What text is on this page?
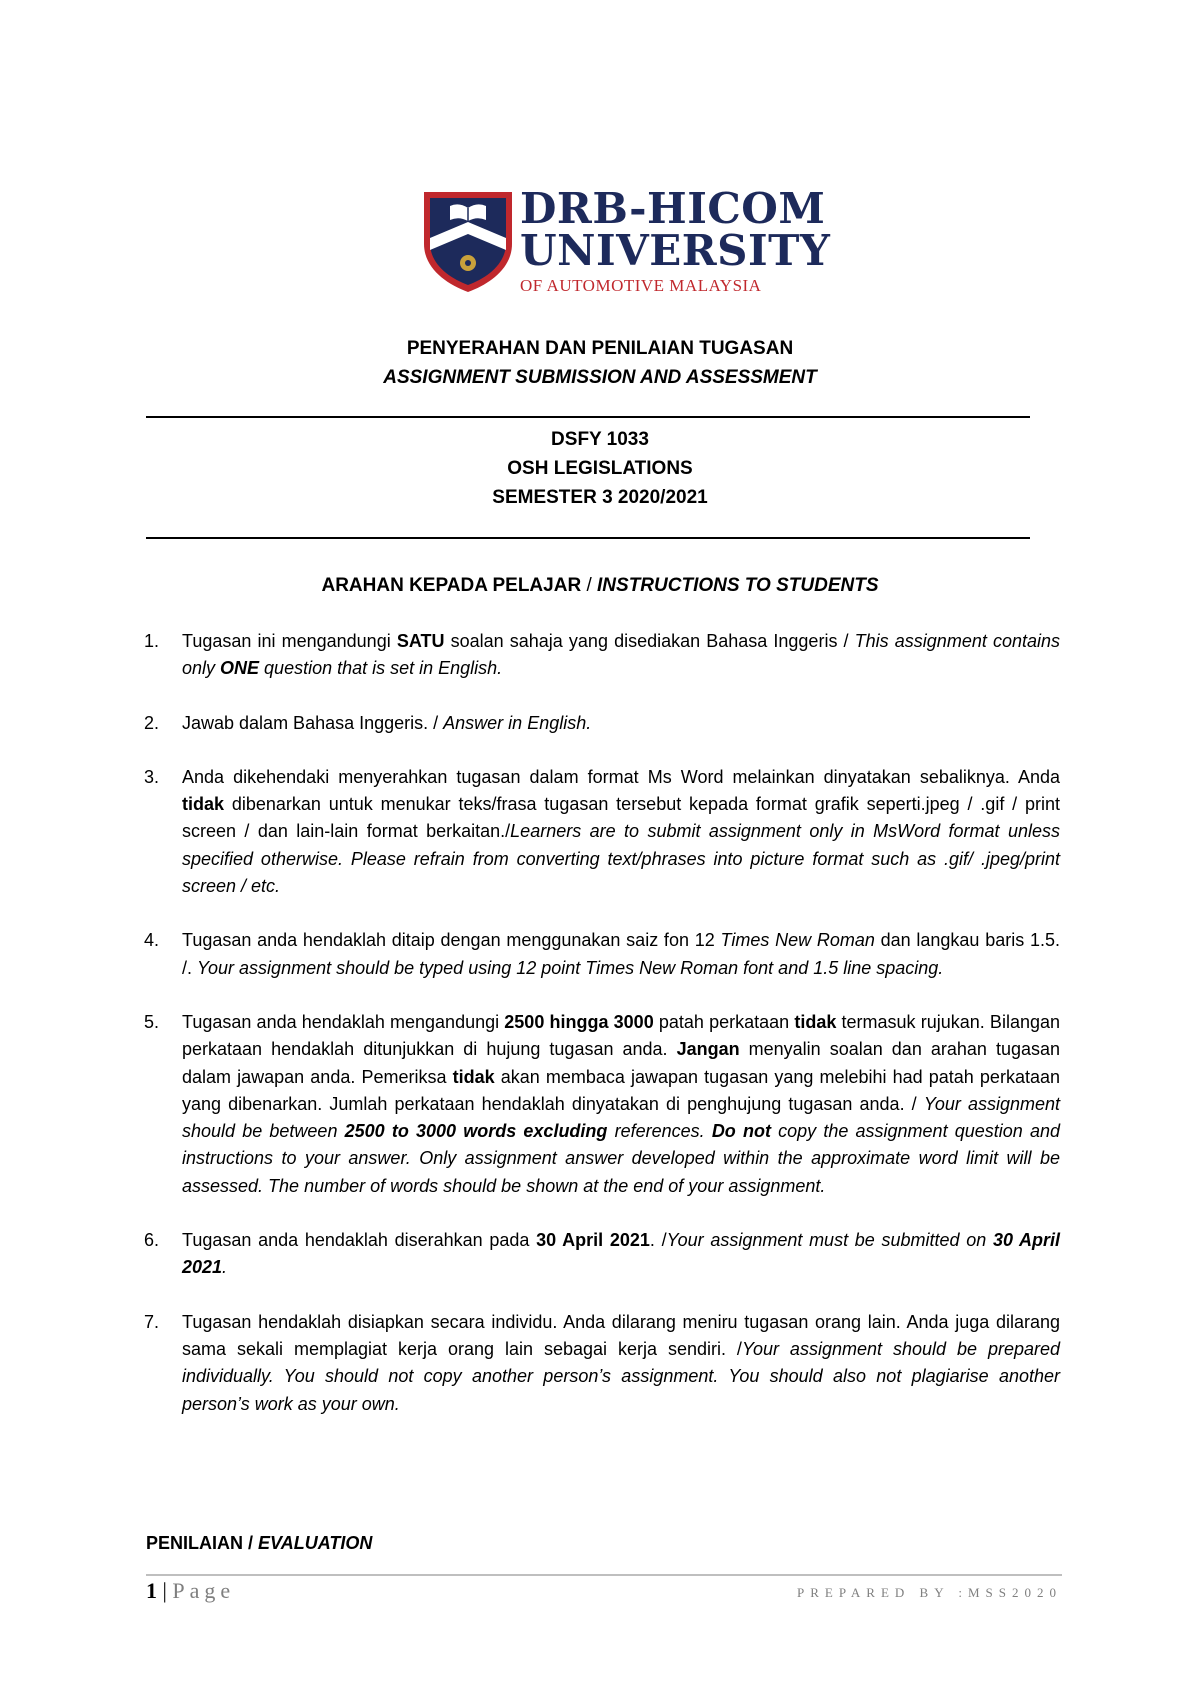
DRB-HICOM
UNIVERSITY
OF AUTOMOTIVE MALAYSIA
PENYERAHAN DAN PENILAIAN TUGASAN
ASSIGNMENT SUBMISSION AND ASSESSMENT
DSFY 1033
OSH LEGISLATIONS
SEMESTER 3 2020/2021
ARAHAN KEPADA PELAJAR / INSTRUCTIONS TO STUDENTS
1. Tugasan ini mengandungi SATU soalan sahaja yang disediakan Bahasa Inggeris / This assignment contains only ONE question that is set in English.
2. Jawab dalam Bahasa Inggeris. / Answer in English.
3. Anda dikehendaki menyerahkan tugasan dalam format Ms Word melainkan dinyatakan sebaliknya. Anda tidak dibenarkan untuk menukar teks/frasa tugasan tersebut kepada format grafik seperti.jpeg / .gif / print screen / dan lain-lain format berkaitan./Learners are to submit assignment only in MsWord format unless specified otherwise. Please refrain from converting text/phrases into picture format such as .gif/ .jpeg/print screen / etc.
4. Tugasan anda hendaklah ditaip dengan menggunakan saiz fon 12 Times New Roman dan langkau baris 1.5. /. Your assignment should be typed using 12 point Times New Roman font and 1.5 line spacing.
5. Tugasan anda hendaklah mengandungi 2500 hingga 3000 patah perkataan tidak termasuk rujukan. Bilangan perkataan hendaklah ditunjukkan di hujung tugasan anda. Jangan menyalin soalan dan arahan tugasan dalam jawapan anda. Pemeriksa tidak akan membaca jawapan tugasan yang melebihi had patah perkataan yang dibenarkan. Jumlah perkataan hendaklah dinyatakan di penghujung tugasan anda. / Your assignment should be between 2500 to 3000 words excluding references. Do not copy the assignment question and instructions to your answer. Only assignment answer developed within the approximate word limit will be assessed. The number of words should be shown at the end of your assignment.
6. Tugasan anda hendaklah diserahkan pada 30 April 2021. /Your assignment must be submitted on 30 April 2021.
7. Tugasan hendaklah disiapkan secara individu. Anda dilarang meniru tugasan orang lain. Anda juga dilarang sama sekali memplagiat kerja orang lain sebagai kerja sendiri. /Your assignment should be prepared individually. You should not copy another person’s assignment. You should also not plagiarise another person’s work as your own.
PENILAIAN / EVALUATION
1 | Page	PREPARED BY :MSS2020
